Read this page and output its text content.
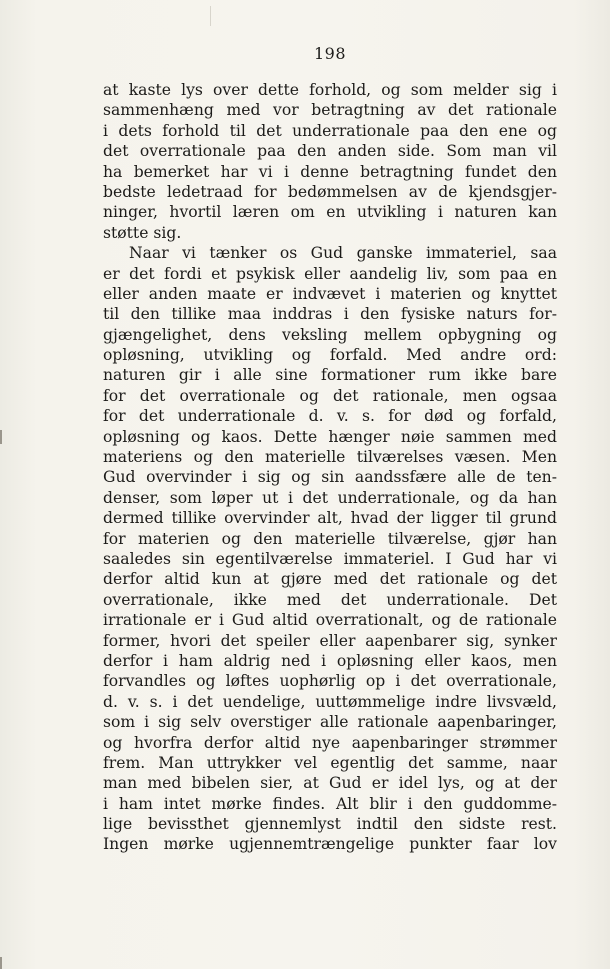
198
at kaste lys over dette forhold, og som melder sig i
sammenhæng med vor betragtning av det rationale
i dets forhold til det underrationale paa den ene og
det overrationale paa den anden side. Som man vil
ha bemerket har vi i denne betragtning fundet den
bedste ledetraad for bedømmelsen av de kjendsgjer-
ninger, hvortil læren om en utvikling i naturen kan
støtte sig.
Naar vi tænker os Gud ganske immateriel, saa
er det fordi et psykisk eller aandelig liv, som paa en
eller anden maate er indvævet i materien og knyttet
til den tillike maa inddras i den fysiske naturs for-
gjængelighet, dens veksling mellem opbygning og
opløsning, utvikling og forfald. Med andre ord:
naturen gir i alle sine formationer rum ikke bare
for det overrationale og det rationale, men ogsaa
for det underrationale d. v. s. for død og forfald,
opløsning og kaos. Dette hænger nøie sammen med
materiens og den materielle tilværelses væsen. Men
Gud overvinder i sig og sin aandssfære alle de ten-
denser, som løper ut i det underrationale, og da han
dermed tillike overvinder alt, hvad der ligger til grund
for materien og den materielle tilværelse, gjør han
saaledes sin egentilværelse immateriel. I Gud har vi
derfor altid kun at gjøre med det rationale og det
overrationale, ikke med det underrationale. Det
irrationale er i Gud altid overrationalt, og de rationale
former, hvori det speiler eller aapenbarer sig, synker
derfor i ham aldrig ned i opløsning eller kaos, men
forvandles og løftes uophørlig op i det overrationale,
d. v. s. i det uendelige, uuttømmelige indre livsvæld,
som i sig selv overstiger alle rationale aapenbaringer,
og hvorfra derfor altid nye aapenbaringer strømmer
frem. Man uttrykker vel egentlig det samme, naar
man med bibelen sier, at Gud er idel lys, og at der
i ham intet mørke findes. Alt blir i den guddomme-
lige bevissthet gjennemlyst indtil den sidste rest.
Ingen mørke ugjennemtrængelige punkter faar lov
